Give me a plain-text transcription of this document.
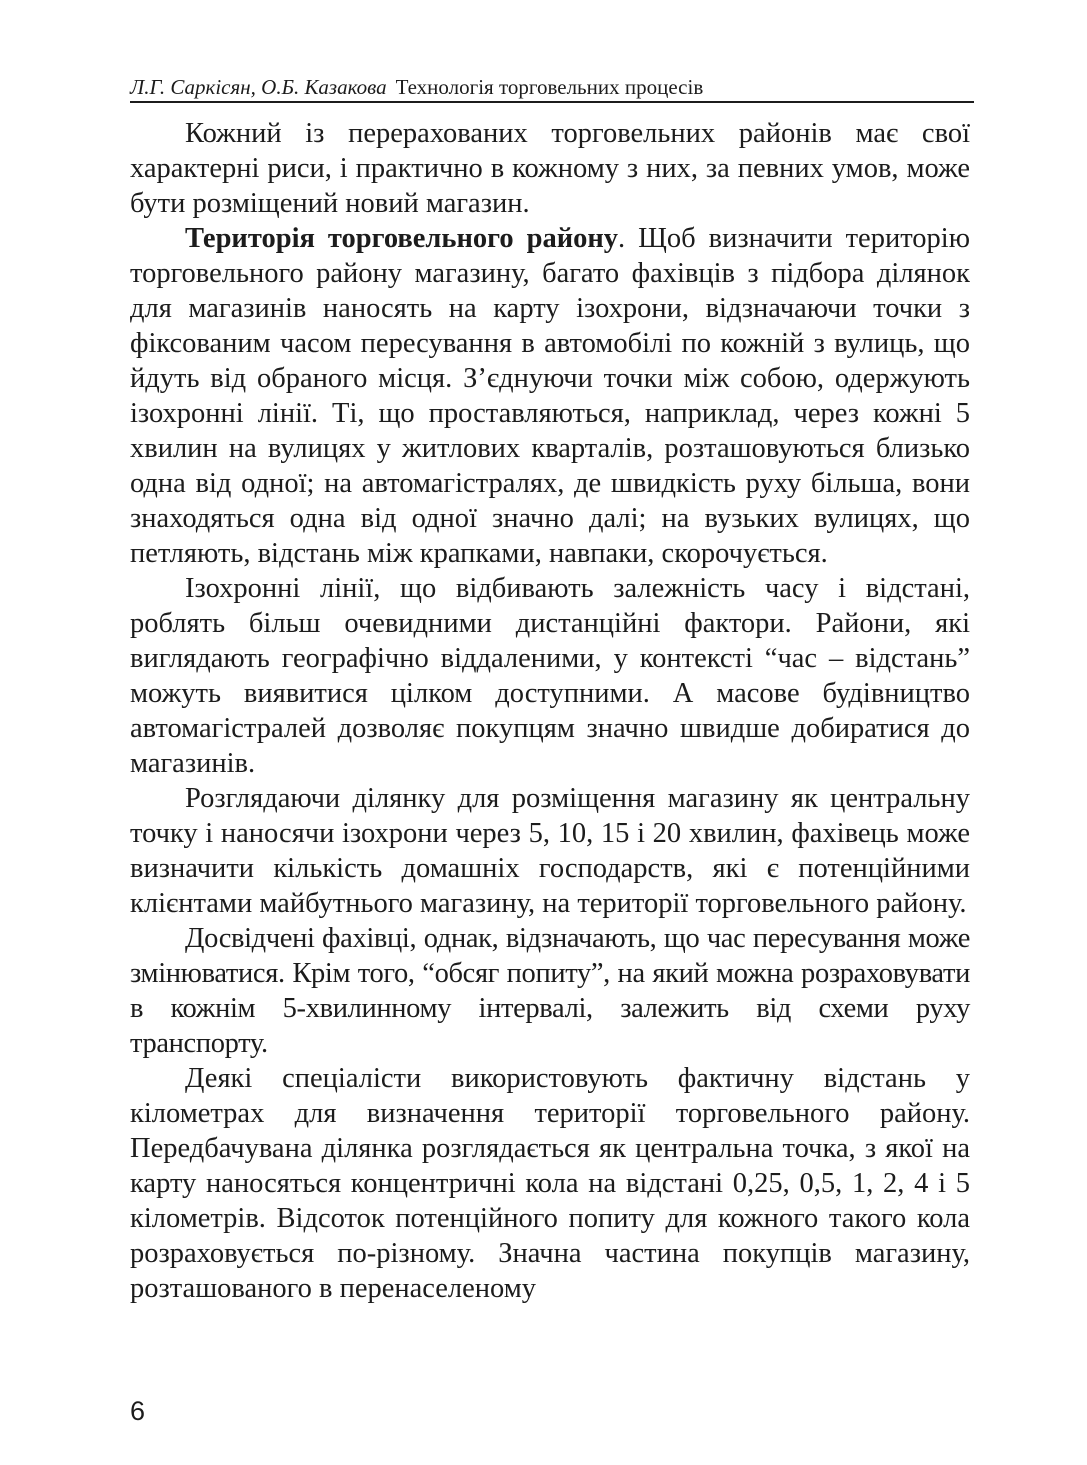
Л.Г. Саркісян, О.Б. Казакова Технологія торговельних процесів

Кожний із перерахованих торговельних районів має свої характерні риси, і практично в кожному з них, за певних умов, може бути розміщений новий магазин.

Територія торговельного району. Щоб визначити територію торговельного району магазину, багато фахівців з підбора ділянок для магазинів наносять на карту ізохрони, відзначаючи точки з фіксованим часом пересування в автомобілі по кожній з вулиць, що йдуть від обраного місця. З’єднуючи точки між собою, одержують ізохронні лінії. Ті, що проставляються, наприклад, через кожні 5 хвилин на вулицях у житлових кварталів, розташовуються близько одна від одної; на автомагістралях, де швидкість руху більша, вони знаходяться одна від одної значно далі; на вузьких вулицях, що петляють, відстань між крапками, навпаки, скорочується.

Ізохронні лінії, що відбивають залежність часу і відстані, роблять більш очевидними дистанційні фактори. Райони, які виглядають географічно віддаленими, у контексті “час – відстань” можуть виявитися цілком доступними. А масове будівництво автомагістралей дозволяє покупцям значно швидше добиратися до магазинів.

Розглядаючи ділянку для розміщення магазину як центральну точку і наносячи ізохрони через 5, 10, 15 і 20 хвилин, фахівець може визначити кількість домашніх господарств, які є потенційними клієнтами майбутнього магазину, на території торговельного району.

Досвідчені фахівці, однак, відзначають, що час пересування може змінюватися. Крім того, “обсяг попиту”, на який можна розраховувати в кожнім 5-хвилинному інтервалі, залежить від схеми руху транспорту.

Деякі спеціалісти використовують фактичну відстань у кілометрах для визначення території торговельного району. Передбачувана ділянка розглядається як центральна точка, з якої на карту наносяться концентричні кола на відстані 0,25, 0,5, 1, 2, 4 і 5 кілометрів. Відсоток потенційного попиту для кожного такого кола розраховується по-різному. Значна частина покупців магазину, розташованого в перенаселеному

6
